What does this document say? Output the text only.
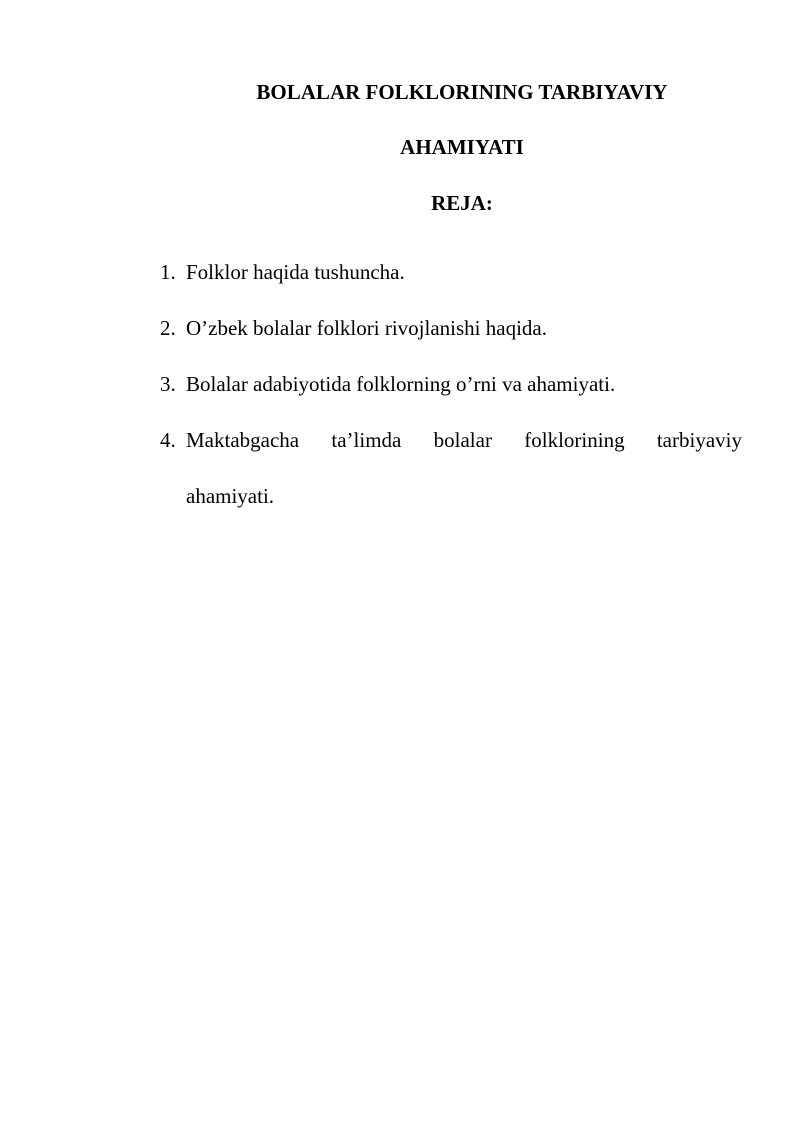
BOLALAR FOLKLORINING TARBIYAVIY
AHAMIYATI
REJA:
1. Folklor haqida tushuncha.
2. O’zbek bolalar folklori rivojlanishi haqida.
3. Bolalar adabiyotida folklorning o’rni va ahamiyati.
4. Maktabgacha ta’limda bolalar folklorining tarbiyaviy
ahamiyati.
